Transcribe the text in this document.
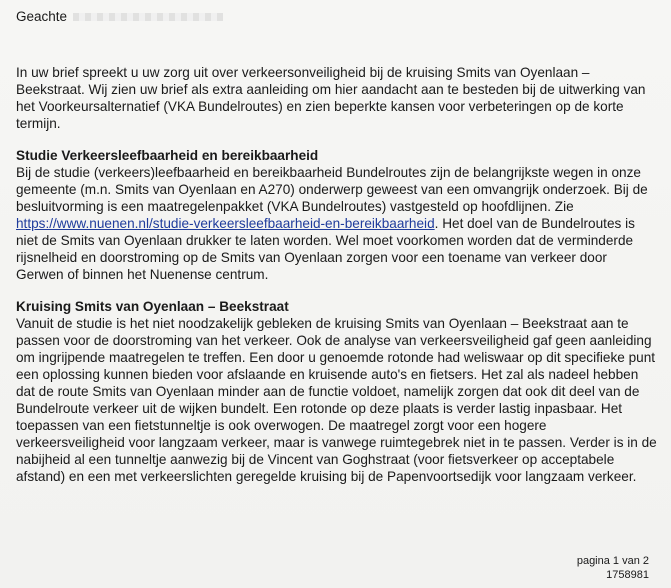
Geachte

In uw brief spreekt u uw zorg uit over verkeersonveiligheid bij de kruising Smits van Oyenlaan – Beekstraat. Wij zien uw brief als extra aanleiding om hier aandacht aan te besteden bij de uitwerking van het Voorkeursalternatief (VKA Bundelroutes) en zien beperkte kansen voor verbeteringen op de korte termijn.

Studie Verkeersleefbaarheid en bereikbaarheid

Bij de studie (verkeers)leefbaarheid en bereikbaarheid Bundelroutes zijn de belangrijkste wegen in onze gemeente (m.n. Smits van Oyenlaan en A270) onderwerp geweest van een omvangrijk onderzoek. Bij de besluitvorming is een maatregelenpakket (VKA Bundelroutes) vastgesteld op hoofdlijnen. Zie https://www.nuenen.nl/studie-verkeersleefbaarheid-en-bereikbaarheid. Het doel van de Bundelroutes is niet de Smits van Oyenlaan drukker te laten worden. Wel moet voorkomen worden dat de verminderde rijsnelheid en doorstroming op de Smits van Oyenlaan zorgen voor een toename van verkeer door Gerwen of binnen het Nuenense centrum.

Kruising Smits van Oyenlaan – Beekstraat

Vanuit de studie is het niet noodzakelijk gebleken de kruising Smits van Oyenlaan – Beekstraat aan te passen voor de doorstroming van het verkeer. Ook de analyse van verkeersveiligheid gaf geen aanleiding om ingrijpende maatregelen te treffen. Een door u genoemde rotonde had weliswaar op dit specifieke punt een oplossing kunnen bieden voor afslaande en kruisende auto's en fietsers. Het zal als nadeel hebben dat de route Smits van Oyenlaan minder aan de functie voldoet, namelijk zorgen dat ook dit deel van de Bundelroute verkeer uit de wijken bundelt. Een rotonde op deze plaats is verder lastig inpasbaar. Het toepassen van een fietstunneltje is ook overwogen. De maatregel zorgt voor een hogere verkeersveiligheid voor langzaam verkeer, maar is vanwege ruimtegebrek niet in te passen. Verder is in de nabijheid al een tunneltje aanwezig bij de Vincent van Goghstraat (voor fietsverkeer op acceptabele afstand) en een met verkeerslichten geregelde kruising bij de Papenvoortsedijk voor langzaam verkeer.

pagina 1 van 2
1758981
